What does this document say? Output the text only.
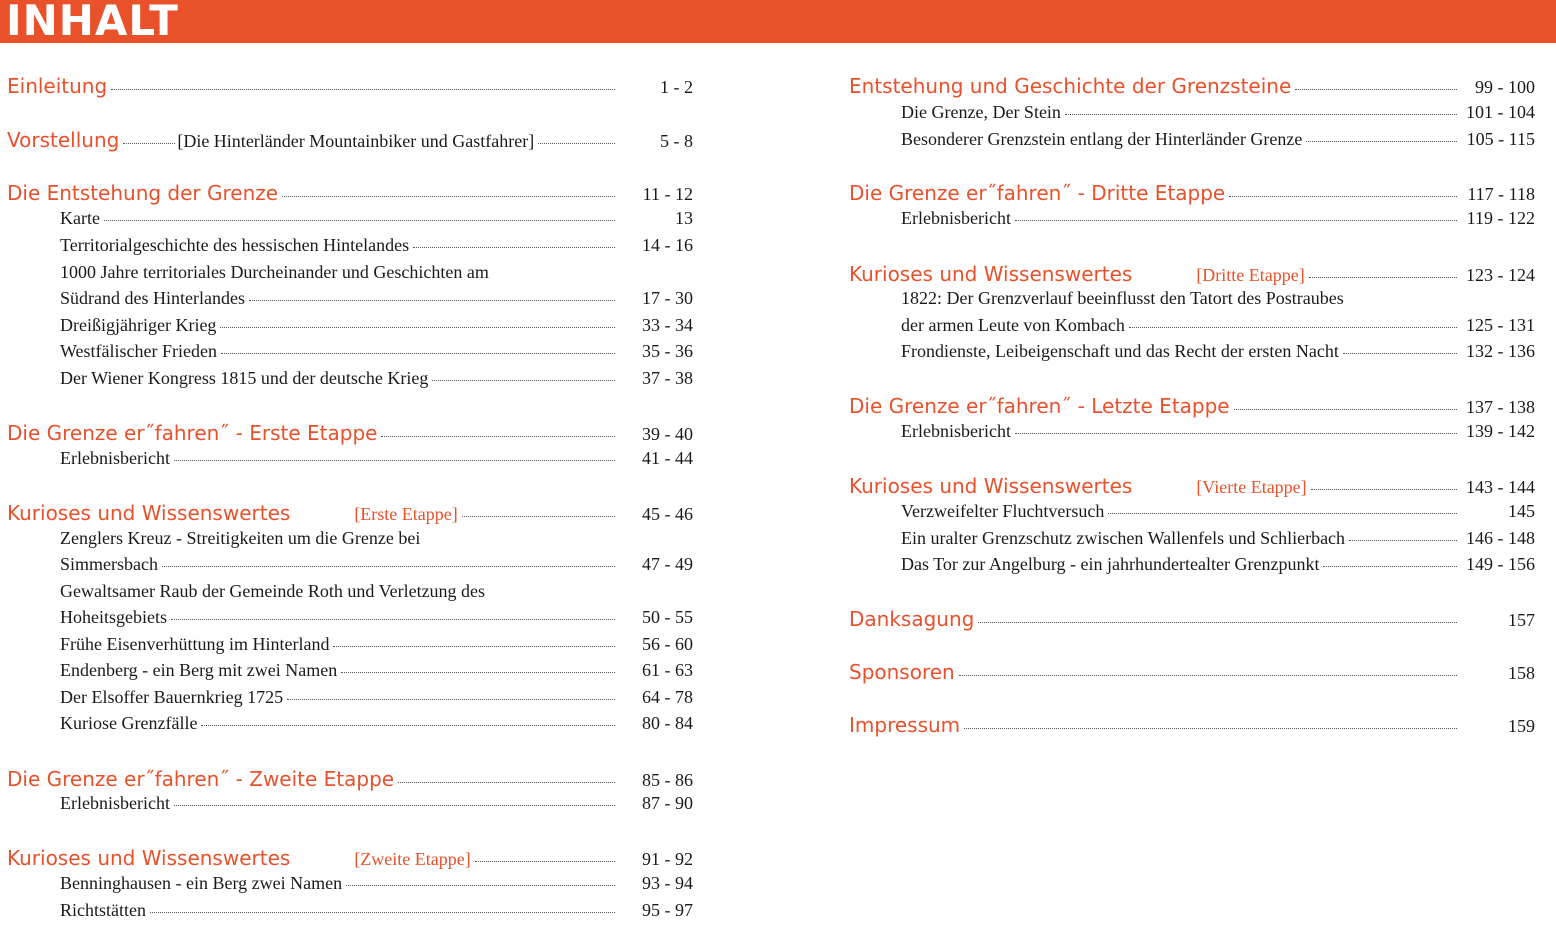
INHALT
Einleitung	1 - 2
Vorstellung	[Die Hinterländer Mountainbiker und Gastfahrer]	5 - 8
Die Entstehung der Grenze	11 - 12
Karte	13
Territorialgeschichte des hessischen Hintelandes	14 - 16
1000 Jahre territoriales Durcheinander und Geschichten am
Südrand des Hinterlandes	17 - 30
Dreißigjähriger Krieg	33 - 34
Westfälischer Frieden	35 - 36
Der Wiener Kongress 1815 und der deutsche Krieg	37 - 38
Die Grenze er˝fahren˝ - Erste Etappe	39 - 40
Erlebnisbericht	41 - 44
Kurioses und Wissenswertes	[Erste Etappe]	45 - 46
Zenglers Kreuz - Streitigkeiten um die Grenze bei
Simmersbach	47 - 49
Gewaltsamer Raub der Gemeinde Roth und Verletzung des
Hoheitsgebiets	50 - 55
Frühe Eisenverhüttung im Hinterland	56 - 60
Endenberg - ein Berg mit zwei Namen	61 - 63
Der Elsoffer Bauernkrieg 1725	64 - 78
Kuriose Grenzfälle	80 - 84
Die Grenze er˝fahren˝ - Zweite Etappe	85 - 86
Erlebnisbericht	87 - 90
Kurioses und Wissenswertes	[Zweite Etappe]	91 - 92
Benninghausen - ein Berg zwei Namen	93 - 94
Richtstätten	95 - 97
Entstehung und Geschichte der Grenzsteine	99 - 100
Die Grenze, Der Stein	101 - 104
Besonderer Grenzstein entlang der Hinterländer Grenze	105 - 115
Die Grenze er˝fahren˝ - Dritte Etappe	117 - 118
Erlebnisbericht	119 - 122
Kurioses und Wissenswertes	[Dritte Etappe]	123 - 124
1822: Der Grenzverlauf beeinflusst den Tatort des Postraubes
der armen Leute von Kombach	125 - 131
Frondienste, Leibeigenschaft und das Recht der ersten Nacht	132 - 136
Die Grenze er˝fahren˝ - Letzte Etappe	137 - 138
Erlebnisbericht	139 - 142
Kurioses und Wissenswertes	[Vierte Etappe]	143 - 144
Verzweifelter Fluchtversuch	145
Ein uralter Grenzschutz zwischen Wallenfels und Schlierbach	146 - 148
Das Tor zur Angelburg - ein jahrhundertealter Grenzpunkt	149 - 156
Danksagung	157
Sponsoren	158
Impressum	159
